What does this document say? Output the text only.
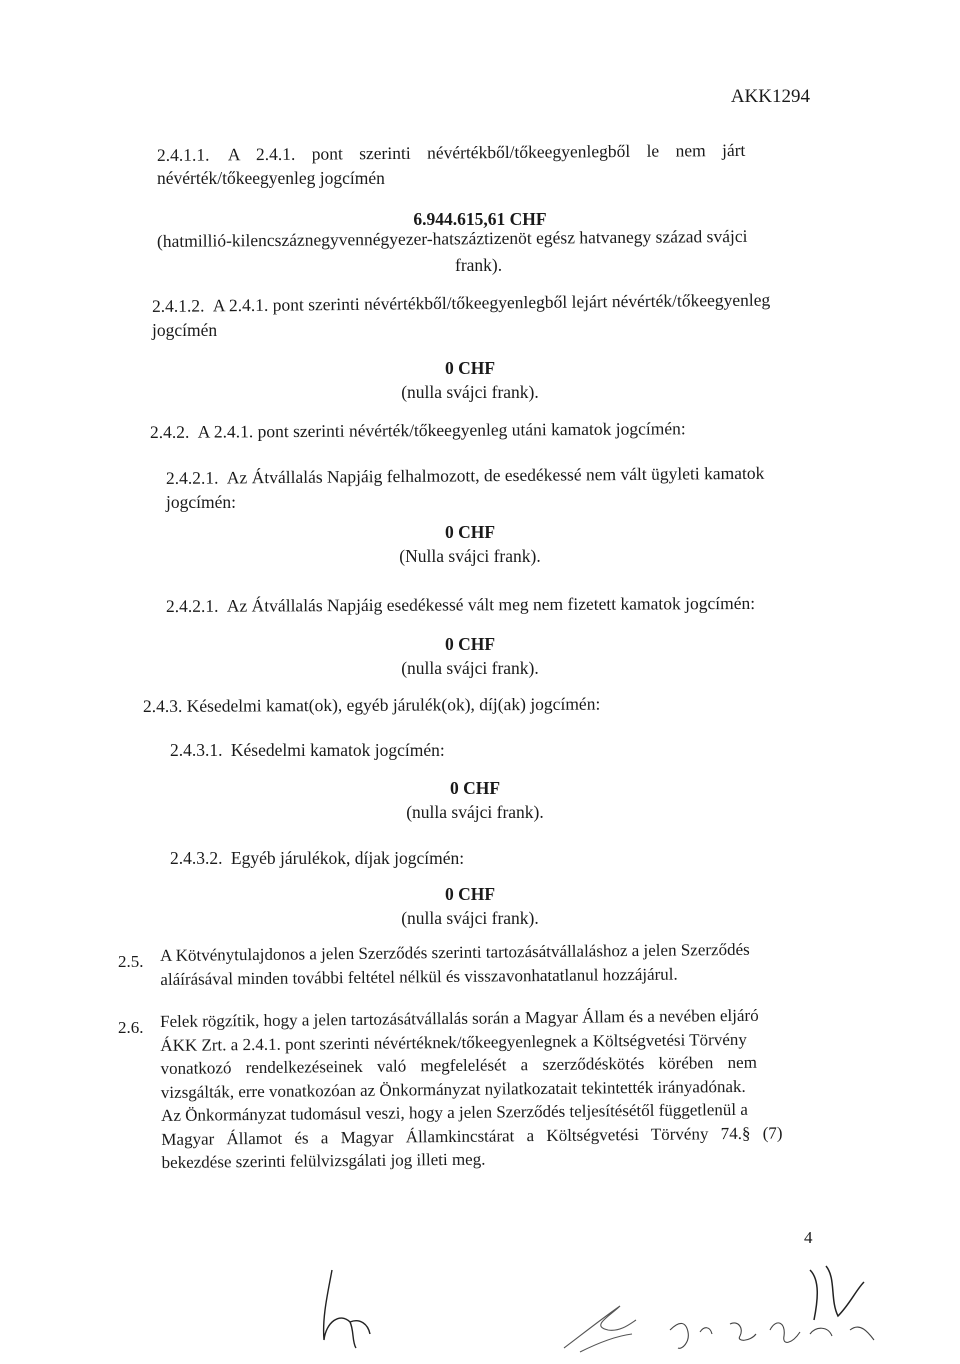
AKK1294
2.4.1.1. A 2.4.1. pont szerinti névértékből/tőkeegyenlegből le nem járt
névérték/tőkeegyenleg jogcímén
6.944.615,61 CHF
(hatmillió-kilencszáznegyvennégyezer-hatszáztizenöt egész hatvanegy század svájci
frank).
2.4.1.2. A 2.4.1. pont szerinti névértékből/tőkeegyenlegből lejárt névérték/tőkeegyenleg
jogcímén
0 CHF
(nulla svájci frank).
2.4.2. A 2.4.1. pont szerinti névérték/tőkeegyenleg utáni kamatok jogcímén:
2.4.2.1. Az Átvállalás Napjáig felhalmozott, de esedékessé nem vált ügyleti kamatok
jogcímén:
0 CHF
(Nulla svájci frank).
2.4.2.1. Az Átvállalás Napjáig esedékessé vált meg nem fizetett kamatok jogcímén:
0 CHF
(nulla svájci frank).
2.4.3. Késedelmi kamat(ok), egyéb járulék(ok), díj(ak) jogcímén:
2.4.3.1. Késedelmi kamatok jogcímén:
0 CHF
(nulla svájci frank).
2.4.3.2. Egyéb járulékok, díjak jogcímén:
0 CHF
(nulla svájci frank).
2.5. A Kötvénytulajdonos a jelen Szerződés szerinti tartozásátvállaláshoz a jelen Szerződés
aláírásával minden további feltétel nélkül és visszavonhatatlanul hozzájárul.
2.6. Felek rögzítik, hogy a jelen tartozásátvállalás során a Magyar Állam és a nevében eljáró
ÁKK Zrt. a 2.4.1. pont szerinti névértéknek/tőkeegyenlegnek a Költségvetési Törvény
vonatkozó rendelkezéseinek való megfelelését a szerződéskötés körében nem
vizsgálták, erre vonatkozóan az Önkormányzat nyilatkozatait tekintették irányadónak.
Az Önkormányzat tudomásul veszi, hogy a jelen Szerződés teljesítésétől függetlenül a
Magyar Államot és a Magyar Államkincstárat a Költségvetési Törvény 74.§ (7)
bekezdése szerinti felülvizsgálati jog illeti meg.
4
